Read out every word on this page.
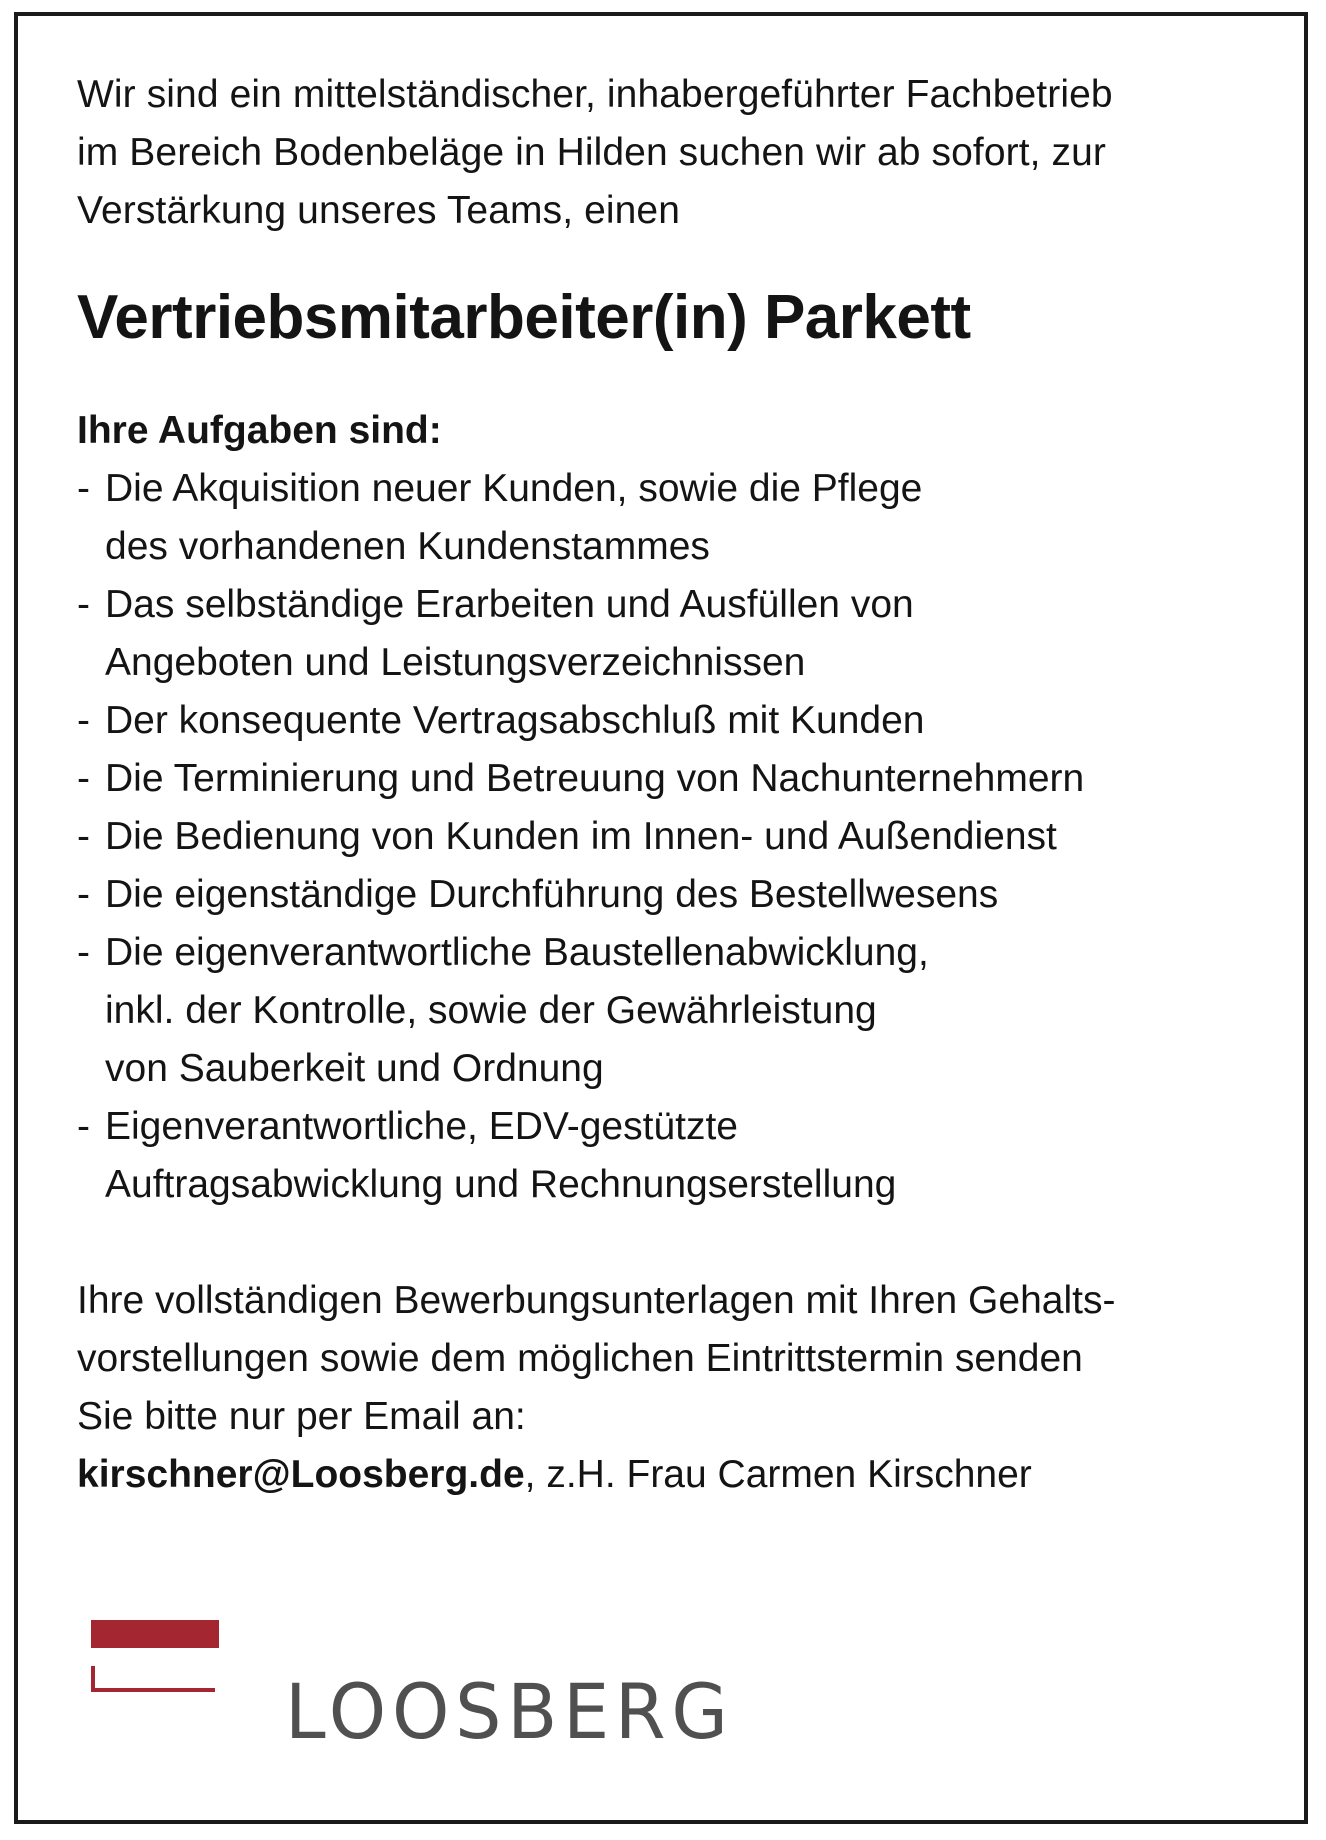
Wir sind ein mittelständischer, inhabergeführter Fachbetrieb
im Bereich Bodenbeläge in Hilden suchen wir ab sofort, zur
Verstärkung unseres Teams, einen

Vertriebsmitarbeiter(in) Parkett
Ihre Aufgaben sind:
- Die Akquisition neuer Kunden, sowie die Pflege
des vorhandenen Kundenstammes
- Das selbständige Erarbeiten und Ausfüllen von
Angeboten und Leistungsverzeichnissen
- Der konsequente Vertragsabschluß mit Kunden
- Die Terminierung und Betreuung von Nachunternehmern
- Die Bedienung von Kunden im Innen- und Außendienst
- Die eigenständige Durchführung des Bestellwesens
- Die eigenverantwortliche Baustellenabwicklung,
inkl. der Kontrolle, sowie der Gewährleistung
von Sauberkeit und Ordnung
- Eigenverantwortliche, EDV-gestützte
Auftragsabwicklung und Rechnungserstellung

Ihre vollständigen Bewerbungsunterlagen mit Ihren Gehalts-
vorstellungen sowie dem möglichen Eintrittstermin senden
Sie bitte nur per Email an:
kirschner@Loosberg.de, z.H. Frau Carmen Kirschner

LOOSBERG
